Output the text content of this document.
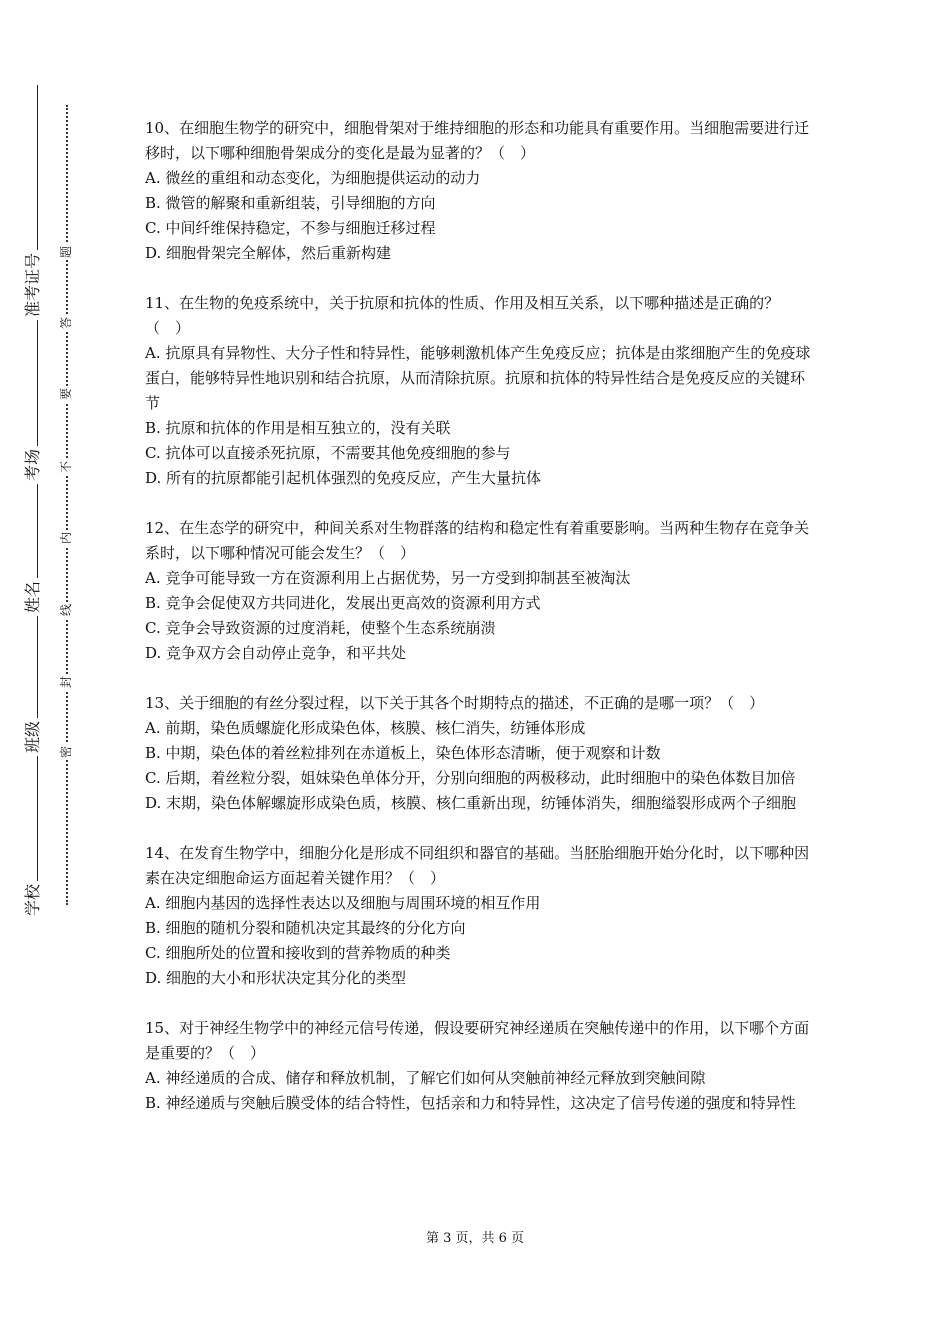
准考证号
考场
姓名
班级
学校
题
答
要
不
内
线
封
密

10、在细胞生物学的研究中，细胞骨架对于维持细胞的形态和功能具有重要作用。当细胞需要进行迁移时，以下哪种细胞骨架成分的变化是最为显著的？（　）

A. 微丝的重组和动态变化，为细胞提供运动的动力

B. 微管的解聚和重新组装，引导细胞的方向

C. 中间纤维保持稳定，不参与细胞迁移过程

D. 细胞骨架完全解体，然后重新构建

11、在生物的免疫系统中，关于抗原和抗体的性质、作用及相互关系，以下哪种描述是正确的？（　）

A. 抗原具有异物性、大分子性和特异性，能够刺激机体产生免疫反应；抗体是由浆细胞产生的免疫球蛋白，能够特异性地识别和结合抗原，从而清除抗原。抗原和抗体的特异性结合是免疫反应的关键环节

B. 抗原和抗体的作用是相互独立的，没有关联

C. 抗体可以直接杀死抗原，不需要其他免疫细胞的参与

D. 所有的抗原都能引起机体强烈的免疫反应，产生大量抗体

12、在生态学的研究中，种间关系对生物群落的结构和稳定性有着重要影响。当两种生物存在竞争关系时，以下哪种情况可能会发生？（　）

A. 竞争可能导致一方在资源利用上占据优势，另一方受到抑制甚至被淘汰

B. 竞争会促使双方共同进化，发展出更高效的资源利用方式

C. 竞争会导致资源的过度消耗，使整个生态系统崩溃

D. 竞争双方会自动停止竞争，和平共处

13、关于细胞的有丝分裂过程，以下关于其各个时期特点的描述，不正确的是哪一项？（　）

A. 前期，染色质螺旋化形成染色体，核膜、核仁消失，纺锤体形成

B. 中期，染色体的着丝粒排列在赤道板上，染色体形态清晰，便于观察和计数

C. 后期，着丝粒分裂，姐妹染色单体分开，分别向细胞的两极移动，此时细胞中的染色体数目加倍

D. 末期，染色体解螺旋形成染色质，核膜、核仁重新出现，纺锤体消失，细胞缢裂形成两个子细胞

14、在发育生物学中，细胞分化是形成不同组织和器官的基础。当胚胎细胞开始分化时，以下哪种因素在决定细胞命运方面起着关键作用？（　）

A. 细胞内基因的选择性表达以及细胞与周围环境的相互作用

B. 细胞的随机分裂和随机决定其最终的分化方向

C. 细胞所处的位置和接收到的营养物质的种类

D. 细胞的大小和形状决定其分化的类型

15、对于神经生物学中的神经元信号传递，假设要研究神经递质在突触传递中的作用，以下哪个方面是重要的？（　）

A. 神经递质的合成、储存和释放机制，了解它们如何从突触前神经元释放到突触间隙

B. 神经递质与突触后膜受体的结合特性，包括亲和力和特异性，这决定了信号传递的强度和特异性

第 3 页，共 6 页
